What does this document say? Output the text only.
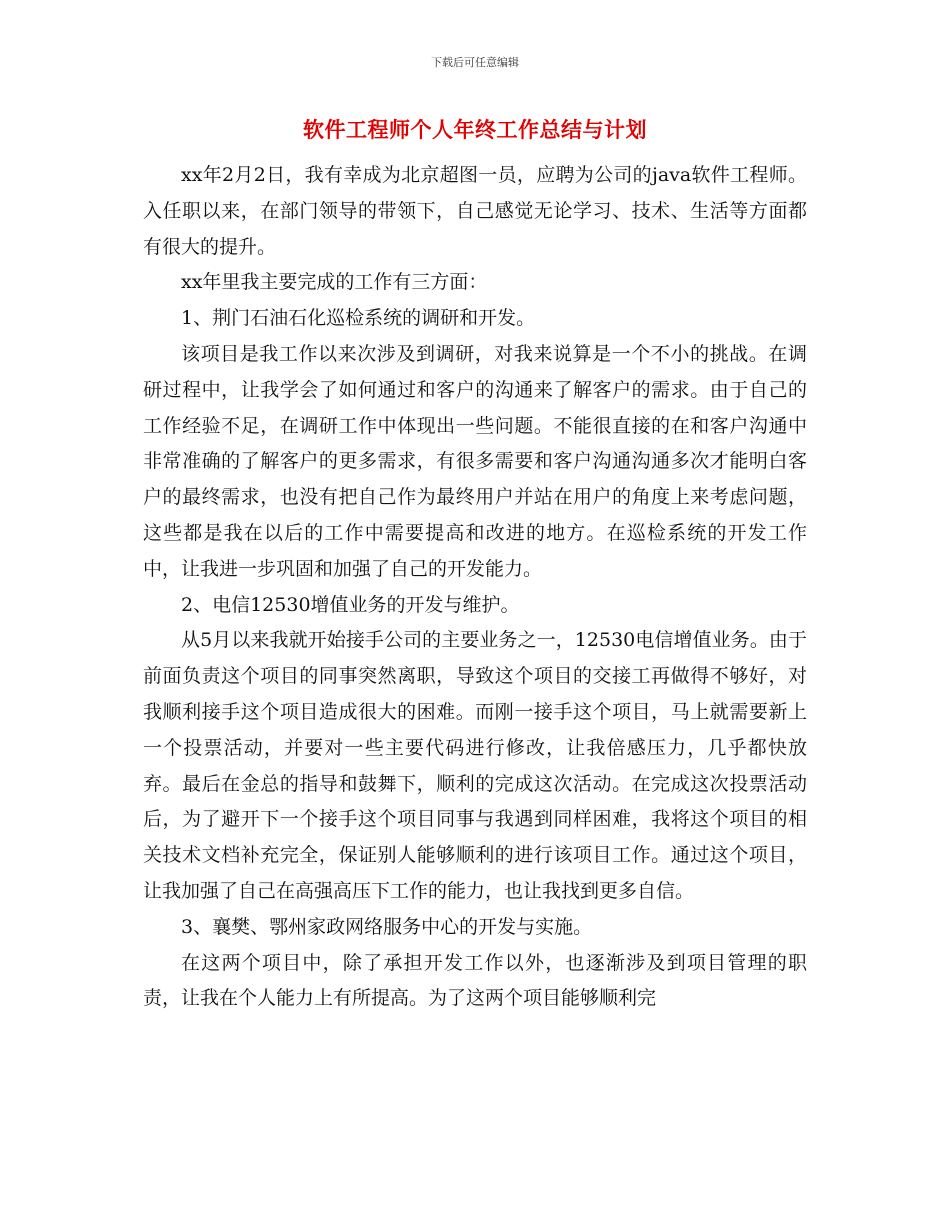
下载后可任意编辑
软件工程师个人年终工作总结与计划

xx年2月2日，我有幸成为北京超图一员，应聘为公司的java软件工程师。入任职以来，在部门领导的带领下，自己感觉无论学习、技术、生活等方面都有很大的提升。

xx年里我主要完成的工作有三方面：

1、荆门石油石化巡检系统的调研和开发。

该项目是我工作以来次涉及到调研，对我来说算是一个不小的挑战。在调研过程中，让我学会了如何通过和客户的沟通来了解客户的需求。由于自己的工作经验不足，在调研工作中体现出一些问题。不能很直接的在和客户沟通中非常准确的了解客户的更多需求，有很多需要和客户沟通沟通多次才能明白客户的最终需求，也没有把自己作为最终用户并站在用户的角度上来考虑问题，这些都是我在以后的工作中需要提高和改进的地方。在巡检系统的开发工作中，让我进一步巩固和加强了自己的开发能力。

2、电信12530增值业务的开发与维护。

从5月以来我就开始接手公司的主要业务之一，12530电信增值业务。由于前面负责这个项目的同事突然离职，导致这个项目的交接工再做得不够好，对我顺利接手这个项目造成很大的困难。而刚一接手这个项目，马上就需要新上一个投票活动，并要对一些主要代码进行修改，让我倍感压力，几乎都快放弃。最后在金总的指导和鼓舞下，顺利的完成这次活动。在完成这次投票活动后，为了避开下一个接手这个项目同事与我遇到同样困难，我将这个项目的相关技术文档补充完全，保证别人能够顺利的进行该项目工作。通过这个项目，让我加强了自己在高强高压下工作的能力，也让我找到更多自信。

3、襄樊、鄂州家政网络服务中心的开发与实施。

在这两个项目中，除了承担开发工作以外，也逐渐涉及到项目管理的职责，让我在个人能力上有所提高。为了这两个项目能够顺利完
